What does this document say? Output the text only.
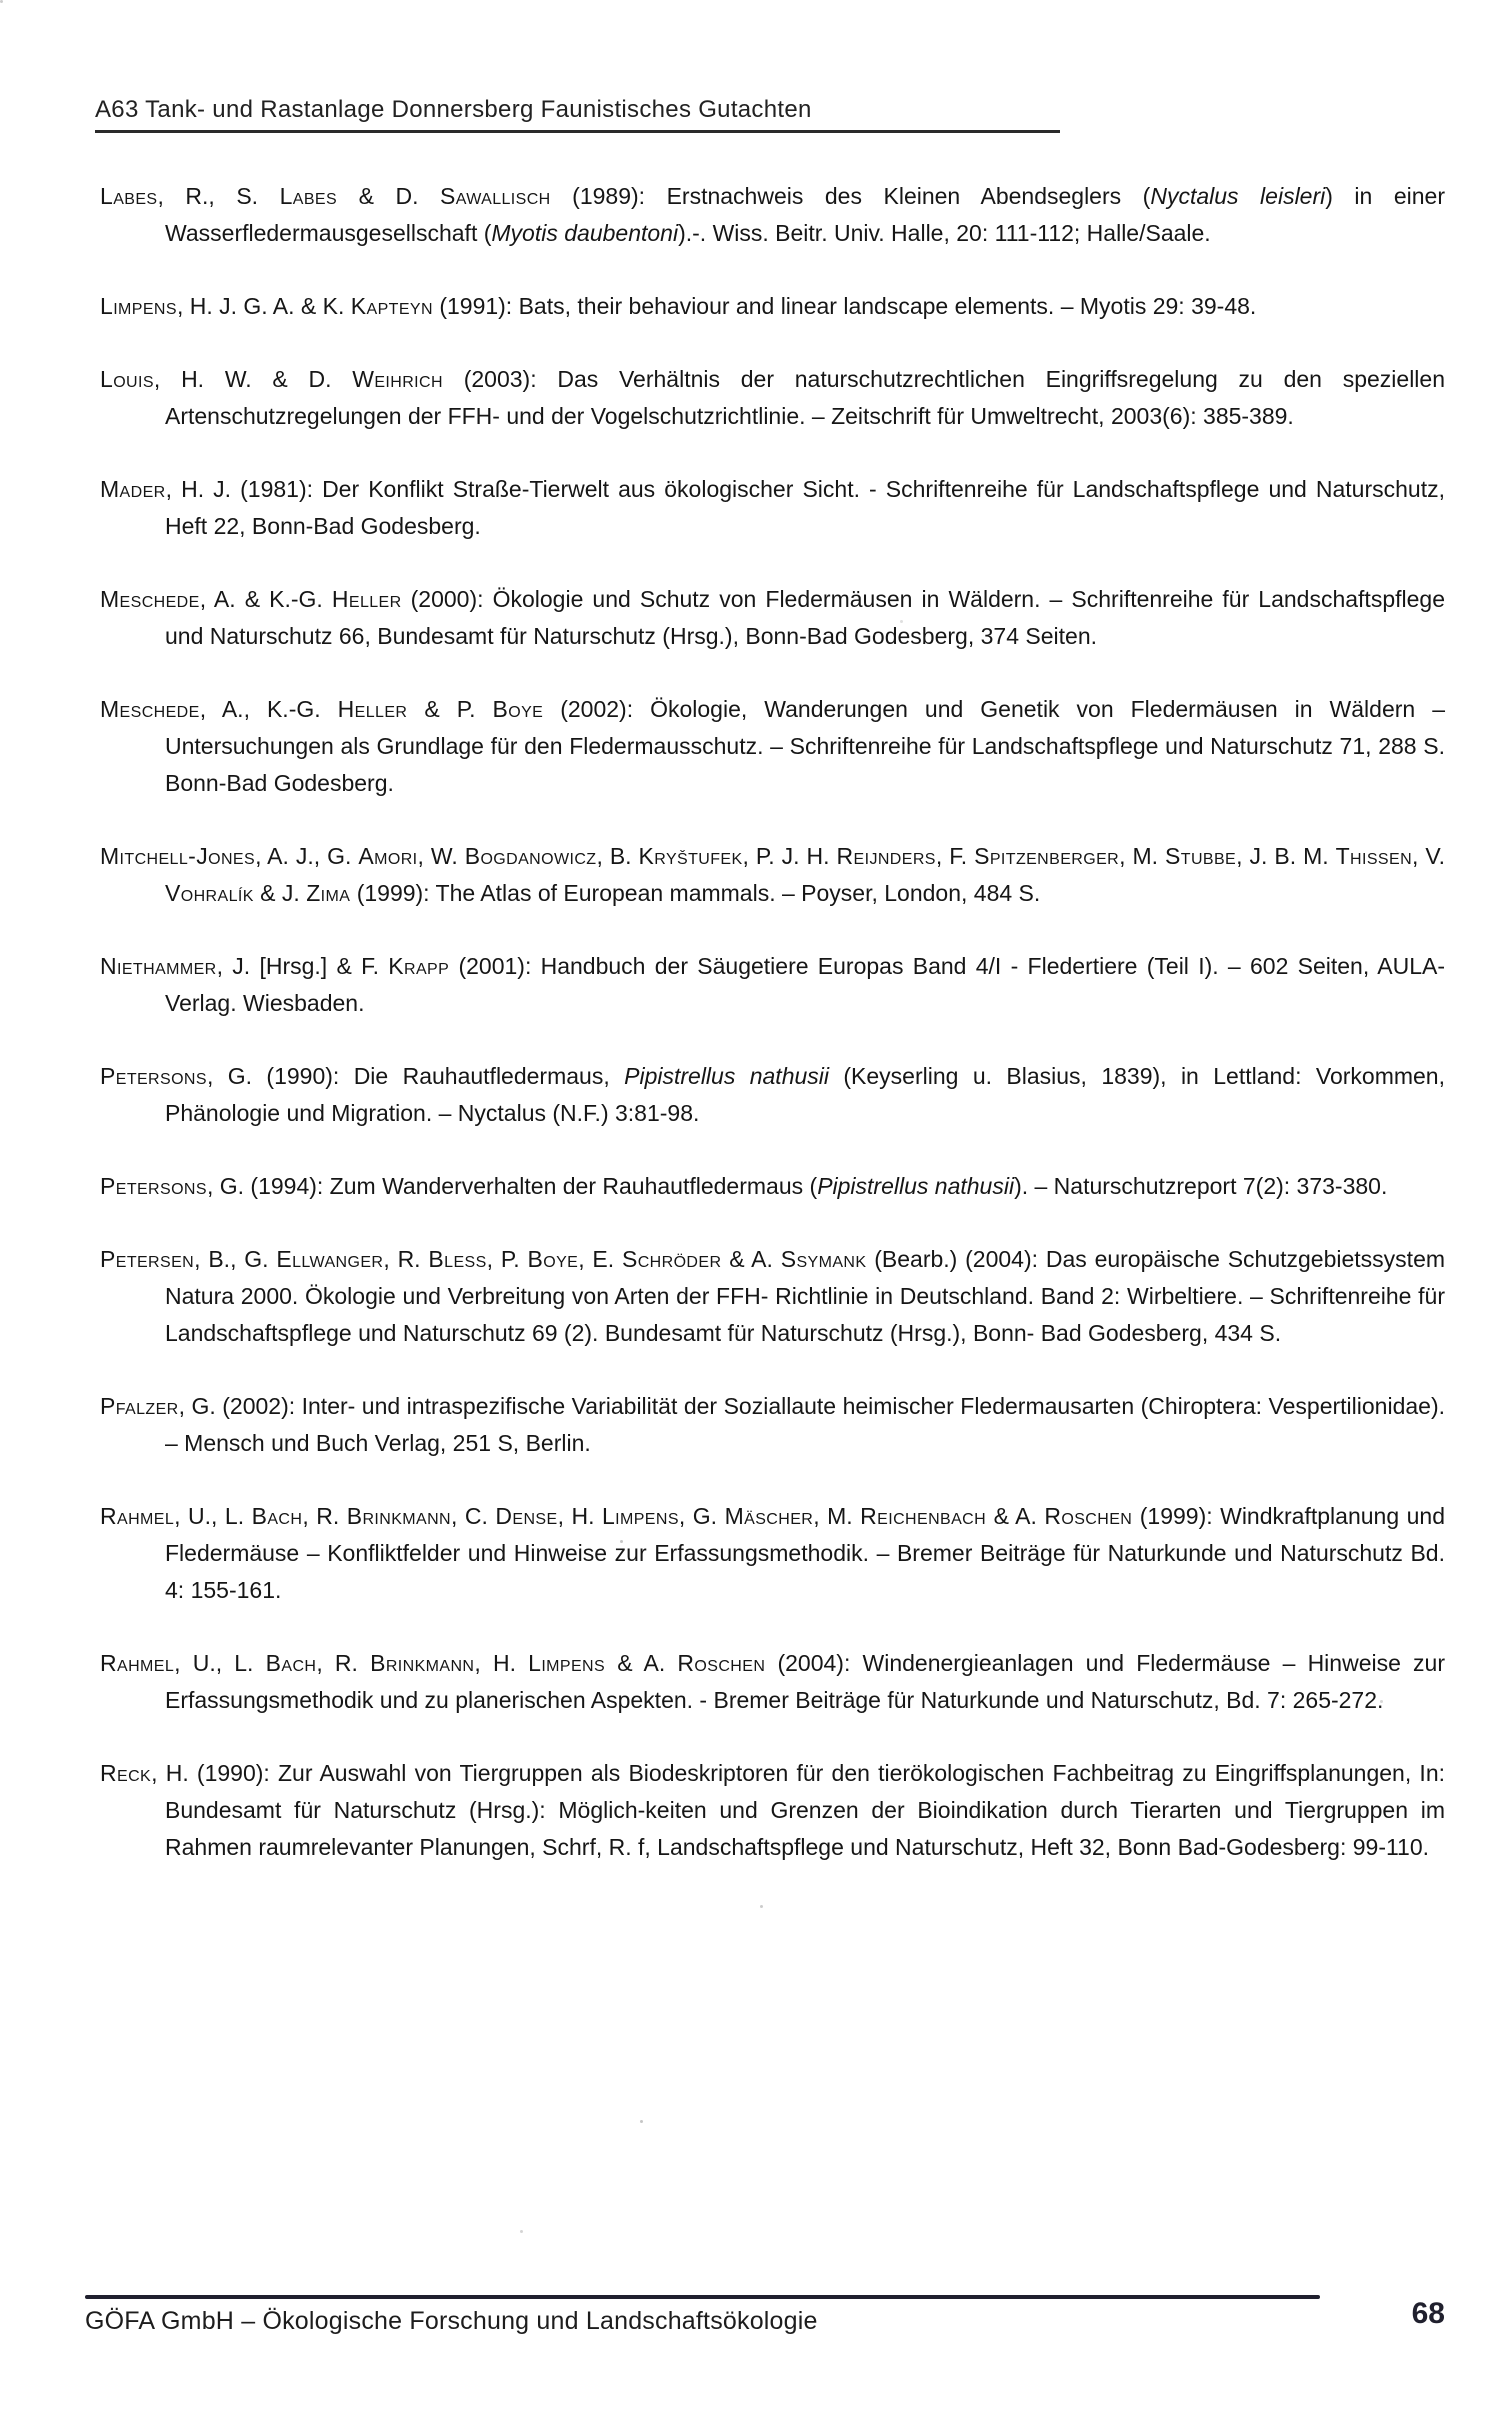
A63 Tank- und Rastanlage Donnersberg Faunistisches Gutachten

Labes, R., S. Labes & D. Sawallisch (1989): Erstnachweis des Kleinen Abendseglers (Nyctalus leisleri) in einer Wasserfledermausgesellschaft (Myotis daubentoni).-. Wiss. Beitr. Univ. Halle, 20: 111-112; Halle/Saale.

Limpens, H. J. G. A. & K. Kapteyn (1991): Bats, their behaviour and linear landscape elements. – Myotis 29: 39-48.

Louis, H. W. & D. Weihrich (2003): Das Verhältnis der naturschutzrechtlichen Eingriffsregelung zu den speziellen Artenschutzregelungen der FFH- und der Vogelschutzrichtlinie. – Zeitschrift für Umweltrecht, 2003(6): 385-389.

Mader, H. J. (1981): Der Konflikt Straße-Tierwelt aus ökologischer Sicht. - Schriftenreihe für Landschaftspflege und Naturschutz, Heft 22, Bonn-Bad Godesberg.

Meschede, A. & K.-G. Heller (2000): Ökologie und Schutz von Fledermäusen in Wäldern. – Schriftenreihe für Landschaftspflege und Naturschutz 66, Bundesamt für Naturschutz (Hrsg.), Bonn-Bad Godesberg, 374 Seiten.

Meschede, A., K.-G. Heller & P. Boye (2002): Ökologie, Wanderungen und Genetik von Fledermäusen in Wäldern – Untersuchungen als Grundlage für den Fledermausschutz. – Schriftenreihe für Landschaftspflege und Naturschutz 71, 288 S. Bonn-Bad Godesberg.

Mitchell-Jones, A. J., G. Amori, W. Bogdanowicz, B. Kryštufek, P. J. H. Reijnders, F. Spitzenberger, M. Stubbe, J. B. M. Thissen, V. Vohralík & J. Zima (1999): The Atlas of European mammals. – Poyser, London, 484 S.

Niethammer, J. [Hrsg.] & F. Krapp (2001): Handbuch der Säugetiere Europas Band 4/I - Fledertiere (Teil I). – 602 Seiten, AULA-Verlag. Wiesbaden.

Petersons, G. (1990): Die Rauhautfledermaus, Pipistrellus nathusii (Keyserling u. Blasius, 1839), in Lettland: Vorkommen, Phänologie und Migration. – Nyctalus (N.F.) 3:81-98.

Petersons, G. (1994): Zum Wanderverhalten der Rauhautfledermaus (Pipistrellus nathusii). – Naturschutzreport 7(2): 373-380.

Petersen, B., G. Ellwanger, R. Bless, P. Boye, E. Schröder & A. Ssymank (Bearb.) (2004): Das europäische Schutzgebietssystem Natura 2000. Ökologie und Verbreitung von Arten der FFH- Richtlinie in Deutschland. Band 2: Wirbeltiere. – Schriftenreihe für Landschaftspflege und Naturschutz 69 (2). Bundesamt für Naturschutz (Hrsg.), Bonn- Bad Godesberg, 434 S.

Pfalzer, G. (2002): Inter- und intraspezifische Variabilität der Soziallaute heimischer Fledermausarten (Chiroptera: Vespertilionidae). – Mensch und Buch Verlag, 251 S, Berlin.

Rahmel, U., L. Bach, R. Brinkmann, C. Dense, H. Limpens, G. Mäscher, M. Reichenbach & A. Roschen (1999): Windkraftplanung und Fledermäuse – Konfliktfelder und Hinweise zur Erfassungsmethodik. – Bremer Beiträge für Naturkunde und Naturschutz Bd. 4: 155-161.

Rahmel, U., L. Bach, R. Brinkmann, H. Limpens & A. Roschen (2004): Windenergieanlagen und Fledermäuse – Hinweise zur Erfassungsmethodik und zu planerischen Aspekten. - Bremer Beiträge für Naturkunde und Naturschutz, Bd. 7: 265-272.

Reck, H. (1990): Zur Auswahl von Tiergruppen als Biodeskriptoren für den tierökologischen Fachbeitrag zu Eingriffsplanungen, In: Bundesamt für Naturschutz (Hrsg.): Möglich-keiten und Grenzen der Bioindikation durch Tierarten und Tiergruppen im Rahmen raumrelevanter Planungen, Schrf, R. f, Landschaftspflege und Naturschutz, Heft 32, Bonn Bad-Godesberg: 99-110.

GÖFA GmbH – Ökologische Forschung und Landschaftsökologie	68
